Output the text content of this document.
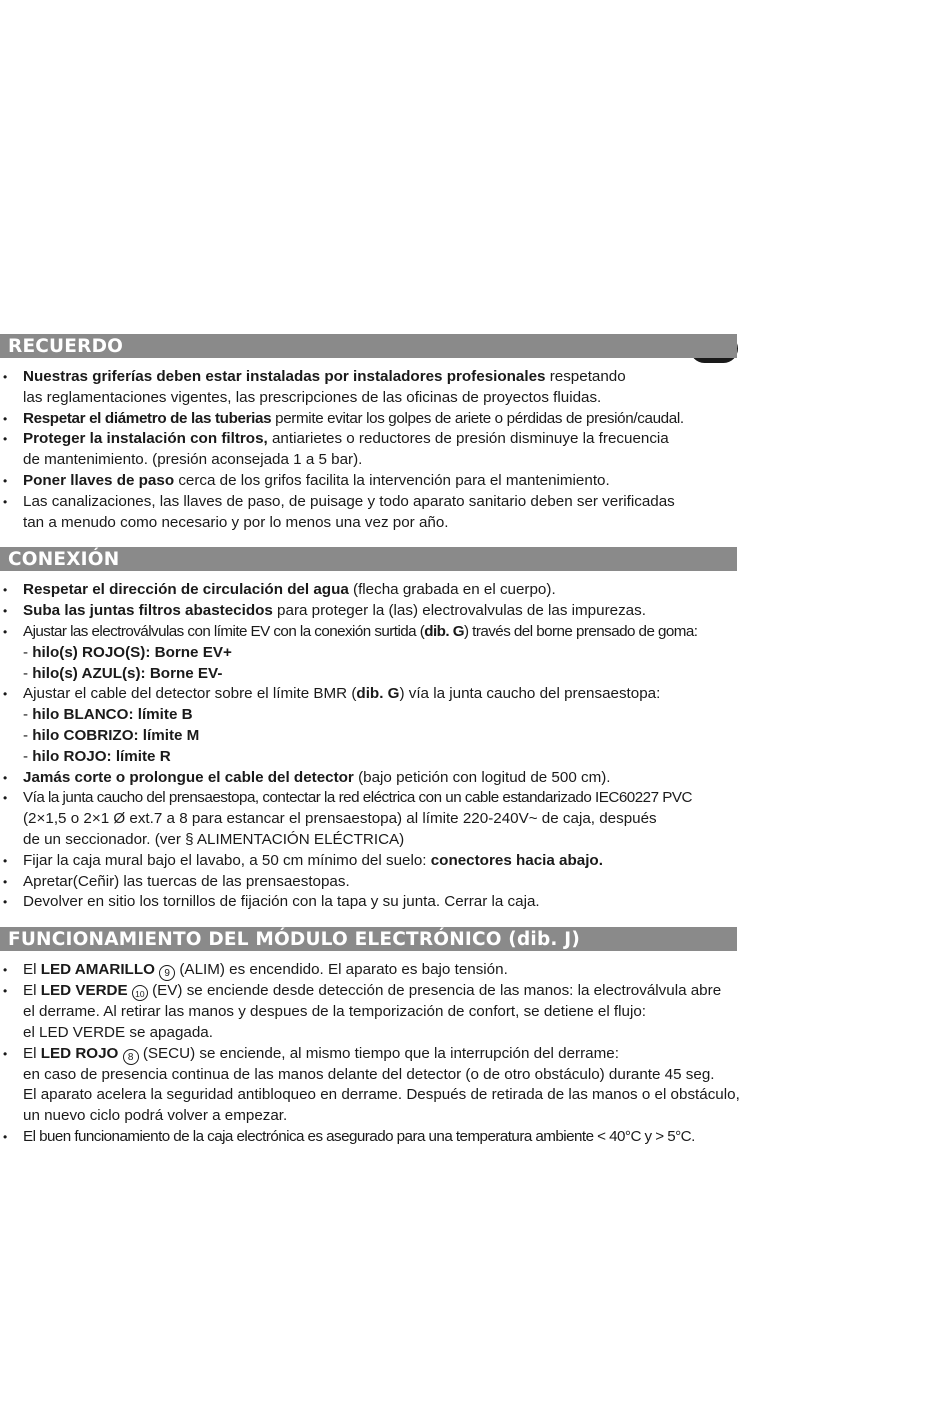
RECUERDO
• Nuestras griferías deben estar instaladas por instaladores profesionales respetando
las reglamentaciones vigentes, las prescripciones de las oficinas de proyectos fluidas.
• Respetar el diámetro de las tuberias permite evitar los golpes de ariete o pérdidas de presión/caudal.
• Proteger la instalación con filtros, antiarietes o reductores de presión disminuye la frecuencia
de mantenimiento. (presión aconsejada 1 a 5 bar).
• Poner llaves de paso cerca de los grifos facilita la intervención para el mantenimiento.
• Las canalizaciones, las llaves de paso, de puisage y todo aparato sanitario deben ser verificadas
tan a menudo como necesario y por lo menos una vez por año.
CONEXIÓN
• Respetar el dirección de circulación del agua (flecha grabada en el cuerpo).
• Suba las juntas filtros abastecidos para proteger la (las) electrovalvulas de las impurezas.
• Ajustar las electroválvulas con límite EV con la conexión surtida (dib. G) través del borne prensado de goma:
- hilo(s) ROJO(S): Borne EV+
- hilo(s) AZUL(s): Borne EV-
• Ajustar el cable del detector sobre el límite BMR (dib. G) vía la junta caucho del prensaestopa:
- hilo BLANCO: límite B
- hilo COBRIZO: límite M
- hilo ROJO: límite R
• Jamás corte o prolongue el cable del detector (bajo petición con logitud de 500 cm).
• Vía la junta caucho del prensaestopa, contectar la red eléctrica con un cable estandarizado IEC60227 PVC
(2×1,5 o 2×1 Ø ext.7 a 8 para estancar el prensaestopa) al límite 220-240V~ de caja, después
de un seccionador. (ver § ALIMENTACIÓN ELÉCTRICA)
• Fijar la caja mural bajo el lavabo, a 50 cm mínimo del suelo: conectores hacia abajo.
• Apretar(Ceñir) las tuercas de las prensaestopas.
• Devolver en sitio los tornillos de fijación con la tapa y su junta. Cerrar la caja.
FUNCIONAMIENTO DEL MÓDULO ELECTRÓNICO (dib. J)
• El LED AMARILLO 9 (ALIM) es encendido. El aparato es bajo tensión.
• El LED VERDE 10 (EV) se enciende desde detección de presencia de las manos: la electroválvula abre
el derrame. Al retirar las manos y despues de la temporización de confort, se detiene el flujo:
el LED VERDE se apagada.
• El LED ROJO 8 (SECU) se enciende, al mismo tiempo que la interrupción del derrame:
en caso de presencia continua de las manos delante del detector (o de otro obstáculo) durante 45 seg.
El aparato acelera la seguridad antibloqueo en derrame. Después de retirada de las manos o el obstáculo,
un nuevo ciclo podrá volver a empezar.
• El buen funcionamiento de la caja electrónica es asegurado para una temperatura ambiente < 40°C y > 5°C.
